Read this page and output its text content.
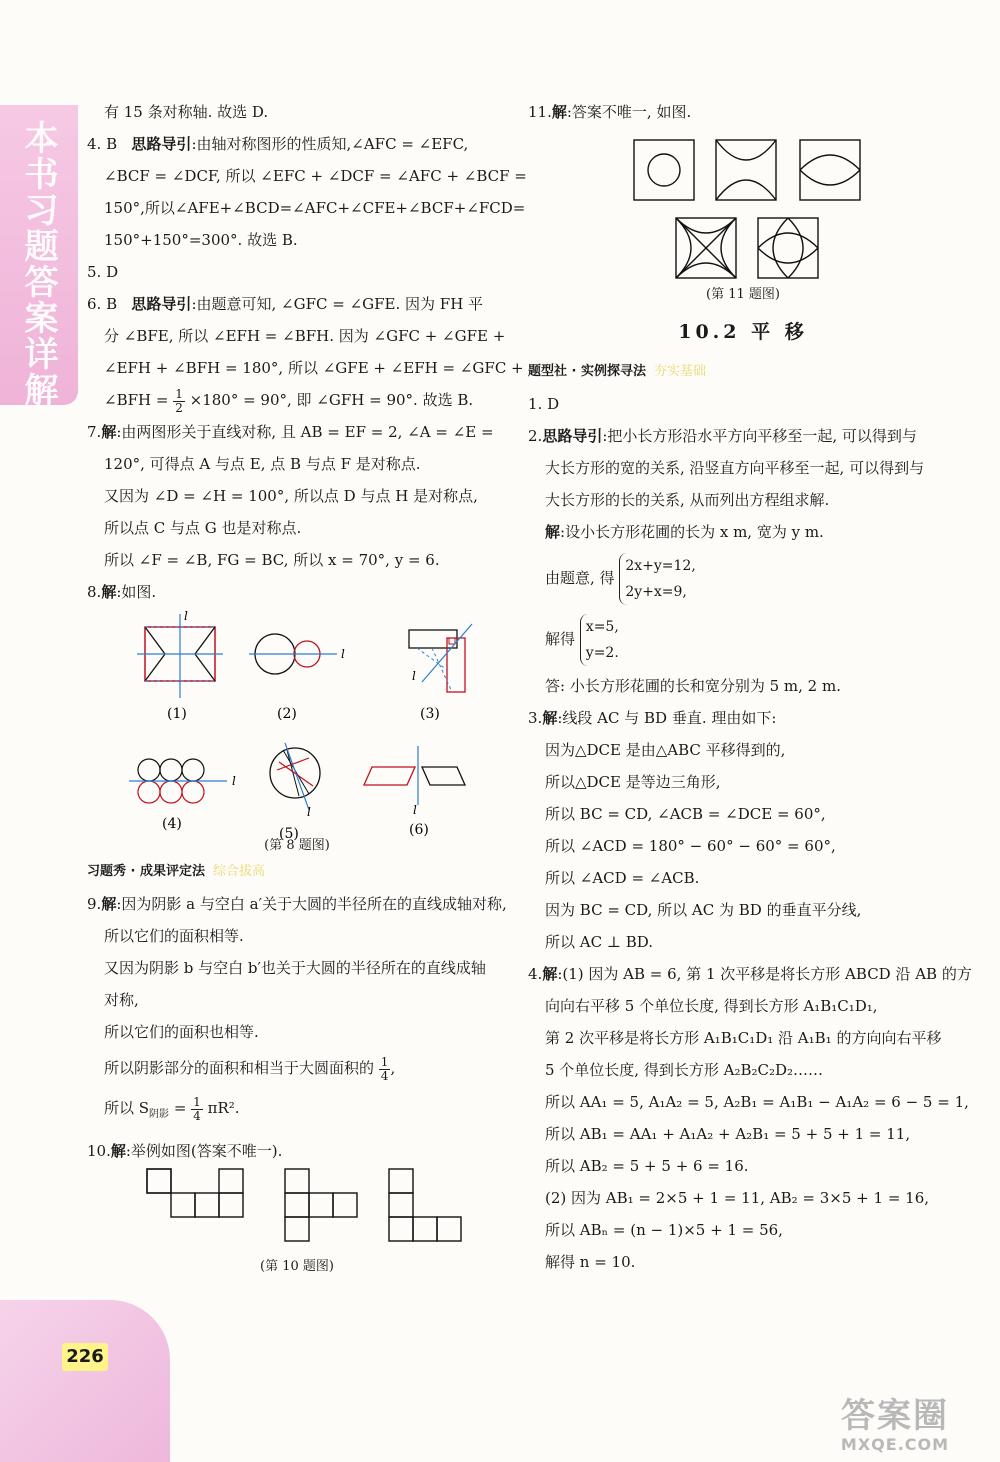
本书习题答案详解
226
答案圈
MXQE.COM
有 15 条对称轴. 故选 D.
4. B 思路导引:由轴对称图形的性质知,∠AFC = ∠EFC,
∠BCF = ∠DCF, 所以 ∠EFC + ∠DCF = ∠AFC + ∠BCF =
150°,所以∠AFE+∠BCD=∠AFC+∠CFE+∠BCF+∠FCD=
150°+150°=300°. 故选 B.
5. D
6. B 思路导引:由题意可知, ∠GFC = ∠GFE. 因为 FH 平
分 ∠BFE, 所以 ∠EFH = ∠BFH. 因为 ∠GFC + ∠GFE +
∠EFH + ∠BFH = 180°, 所以 ∠GFE + ∠EFH = ∠GFC +
∠BFH = $\frac{1}{2} \times 180^\circ = 90^\circ$, 即 ∠GFH = 90°. 故选 B.
7.解:由两图形关于直线对称, 且 AB = EF = 2, ∠A = ∠E =
120°, 可得点 A 与点 E, 点 B 与点 F 是对称点.
又因为 ∠D = ∠H = 100°, 所以点 D 与点 H 是对称点,
所以点 C 与点 G 也是对称点.
所以 ∠F = ∠B, FG = BC, 所以 x = 70°, y = 6.
8.解:如图.
l
(1)
l
(2)
l
(3)
l
(4)
l
(5)
l
(6)
(第 8 题图)
习题秀 · 成果评定法 综合拔高
9.解:因为阴影 a 与空白 a′关于大圆的半径所在的直线成轴对称,
所以它们的面积相等.
又因为阴影 b 与空白 b′也关于大圆的半径所在的直线成轴
对称,
所以它们的面积也相等.
所以阴影部分的面积和相当于大圆面积的 $\frac{1}{4}$ ,
所以 $S_{阴影} = \frac{1}{4} \pi R^2$.
10.解:举例如图(答案不唯一).
(第 10 题图)
11.解:答案不唯一, 如图.
(第 11 题图)
10.2 平 移
题型社 · 实例探寻法 夯实基础
1. D
2.思路导引:把小长方形沿水平方向平移至一起, 可以得到与
大长方形的宽的关系, 沿竖直方向平移至一起, 可以得到与
大长方形的长的关系, 从而列出方程组求解.
解:设小长方形花圃的长为 x m, 宽为 y m.
由题意, 得
2x+y=12,
2y+x=9,
解得
x=5,
y=2.
答: 小长方形花圃的长和宽分别为 5 m, 2 m.
3.解:线段 AC 与 BD 垂直. 理由如下:
因为△DCE 是由△ABC 平移得到的,
所以△DCE 是等边三角形,
所以 BC = CD, ∠ACB = ∠DCE = 60°,
所以 ∠ACD = 180° − 60° − 60° = 60°,
所以 ∠ACD = ∠ACB.
因为 BC = CD, 所以 AC 为 BD 的垂直平分线,
所以 AC ⊥ BD.
4.解:(1) 因为 AB = 6, 第 1 次平移是将长方形 ABCD 沿 AB 的方
向向右平移 5 个单位长度, 得到长方形 A₁B₁C₁D₁,
第 2 次平移是将长方形 A₁B₁C₁D₁ 沿 A₁B₁ 的方向向右平移
5 个单位长度, 得到长方形 A₂B₂C₂D₂……
所以 AA₁ = 5, A₁A₂ = 5, A₂B₁ = A₁B₁ − A₁A₂ = 6 − 5 = 1,
所以 AB₁ = AA₁ + A₁A₂ + A₂B₁ = 5 + 5 + 1 = 11,
所以 AB₂ = 5 + 5 + 6 = 16.
(2) 因为 AB₁ = 2×5 + 1 = 11, AB₂ = 3×5 + 1 = 16,
所以 ABₙ = (n − 1)×5 + 1 = 56,
解得 n = 10.
